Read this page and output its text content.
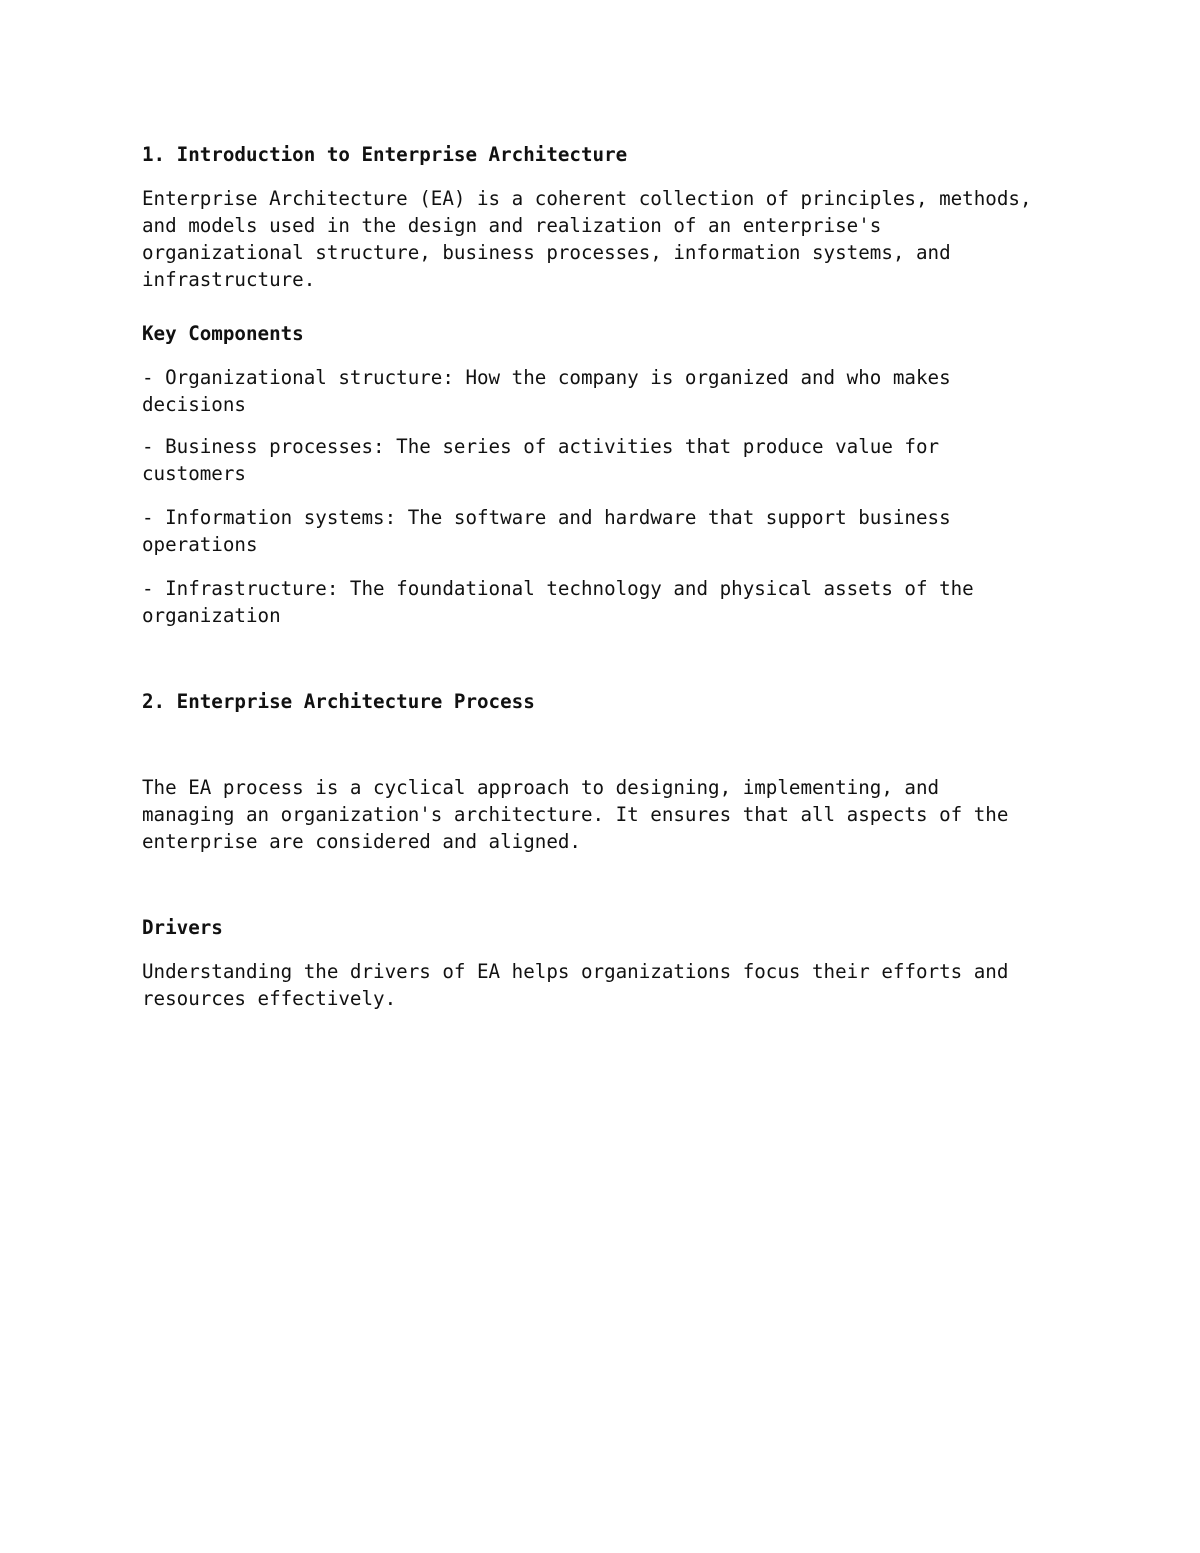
1. Introduction to Enterprise Architecture
Enterprise Architecture (EA) is a coherent collection of principles, methods,
and models used in the design and realization of an enterprise's
organizational structure, business processes, information systems, and
infrastructure.
Key Components
- Organizational structure: How the company is organized and who makes
decisions
- Business processes: The series of activities that produce value for
customers
- Information systems: The software and hardware that support business
operations
- Infrastructure: The foundational technology and physical assets of the
organization
2. Enterprise Architecture Process
The EA process is a cyclical approach to designing, implementing, and
managing an organization's architecture. It ensures that all aspects of the
enterprise are considered and aligned.
Drivers
Understanding the drivers of EA helps organizations focus their efforts and
resources effectively.
